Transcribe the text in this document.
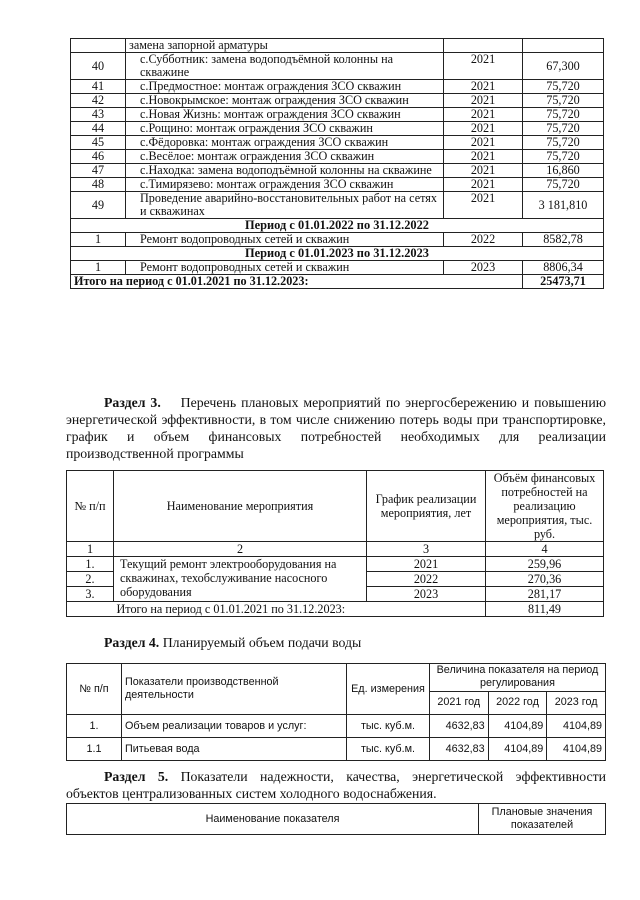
	замена запорной арматуры		
40	с.Субботник: замена водоподъёмной колонны на скважине	2021	67,300
41	с.Предмостное: монтаж ограждения ЗСО скважин	2021	75,720
42	с.Новокрымское: монтаж ограждения ЗСО скважин	2021	75,720
43	с.Новая Жизнь: монтаж ограждения ЗСО скважин	2021	75,720
44	с.Рощино: монтаж ограждения ЗСО скважин	2021	75,720
45	с.Фёдоровка: монтаж ограждения ЗСО скважин	2021	75,720
46	с.Весёлое: монтаж ограждения ЗСО скважин	2021	75,720
47	с.Находка: замена водоподъёмной колонны на скважине	2021	16,860
48	с.Тимирязево: монтаж ограждения ЗСО скважин	2021	75,720
49	Проведение аварийно-восстановительных работ на сетях и скважинах	2021	3 181,810
Период с 01.01.2022 по 31.12.2022			
1	Ремонт водопроводных сетей и скважин	2022	8582,78
Период с 01.01.2023 по 31.12.2023			
1	Ремонт водопроводных сетей и скважин	2023	8806,34
Итого на период с 01.01.2021 по 31.12.2023:			25473,71
Раздел 3. Перечень плановых мероприятий по энергосбережению и повышению энергетической эффективности, в том числе снижению потерь воды при транспортировке, график и объем финансовых потребностей необходимых для реализации производственной программы
№ п/п	Наименование мероприятия	График реализации мероприятия, лет	Объём финансовых потребностей на реализацию мероприятия, тыс. руб.
1	2	3	4
1.	Текущий ремонт электрооборудования на скважинах, техобслуживание насосного оборудования	2021	259,96
2.		2022	270,36
3.		2023	281,17
	Итого на период с 01.01.2021 по 31.12.2023:		811,49
Раздел 4. Планируемый объем подачи воды
№ п/п	Показатели производственной деятельности	Ед. измерения	Величина показателя на период регулирования		
			2021 год	2022 год	2023 год
1.	Объем реализации товаров и услуг:	тыс. куб.м.	4632,83	4104,89	4104,89
1.1	Питьевая вода	тыс. куб.м.	4632,83	4104,89	4104,89
Раздел 5. Показатели надежности, качества, энергетической эффективности объектов централизованных систем холодного водоснабжения.
Наименование показателя	Плановые значения показателей
